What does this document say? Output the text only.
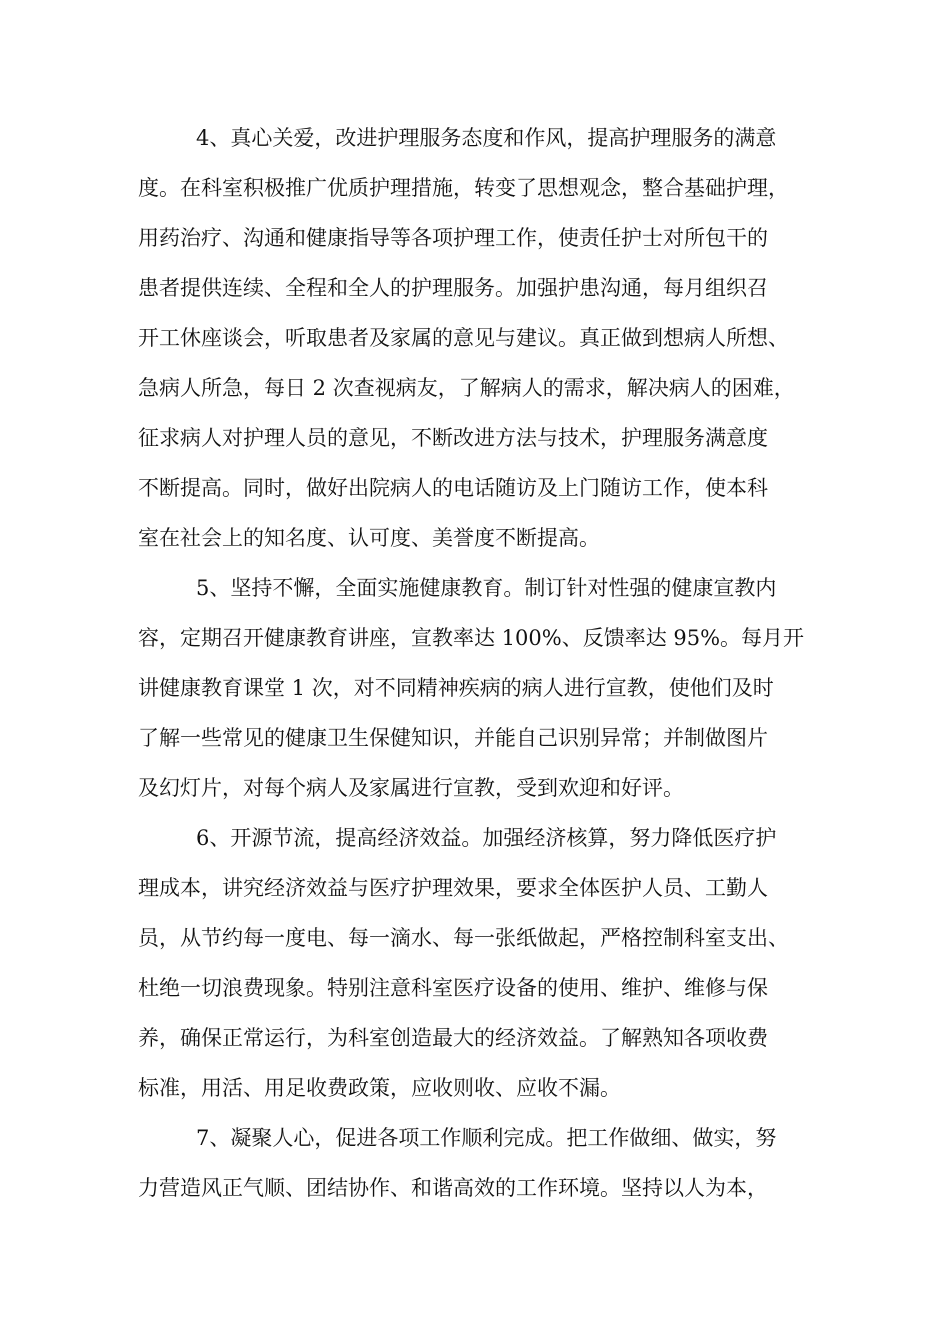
4、真心关爱，改进护理服务态度和作风，提高护理服务的满意
度。在科室积极推广优质护理措施，转变了思想观念，整合基础护理，
用药治疗、沟通和健康指导等各项护理工作，使责任护士对所包干的
患者提供连续、全程和全人的护理服务。加强护患沟通，每月组织召
开工休座谈会，听取患者及家属的意见与建议。真正做到想病人所想、
急病人所急，每日 2 次查视病友，了解病人的需求，解决病人的困难，
征求病人对护理人员的意见，不断改进方法与技术，护理服务满意度
不断提高。同时，做好出院病人的电话随访及上门随访工作，使本科
室在社会上的知名度、认可度、美誉度不断提高。
5、坚持不懈，全面实施健康教育。制订针对性强的健康宣教内
容，定期召开健康教育讲座，宣教率达 100%、反馈率达 95%。每月开
讲健康教育课堂 1 次，对不同精神疾病的病人进行宣教，使他们及时
了解一些常见的健康卫生保健知识，并能自己识别异常；并制做图片
及幻灯片，对每个病人及家属进行宣教，受到欢迎和好评。
6、开源节流，提高经济效益。加强经济核算，努力降低医疗护
理成本，讲究经济效益与医疗护理效果，要求全体医护人员、工勤人
员，从节约每一度电、每一滴水、每一张纸做起，严格控制科室支出、
杜绝一切浪费现象。特别注意科室医疗设备的使用、维护、维修与保
养，确保正常运行，为科室创造最大的经济效益。了解熟知各项收费
标准，用活、用足收费政策，应收则收、应收不漏。
7、凝聚人心，促进各项工作顺利完成。把工作做细、做实，努
力营造风正气顺、团结协作、和谐高效的工作环境。坚持以人为本，
